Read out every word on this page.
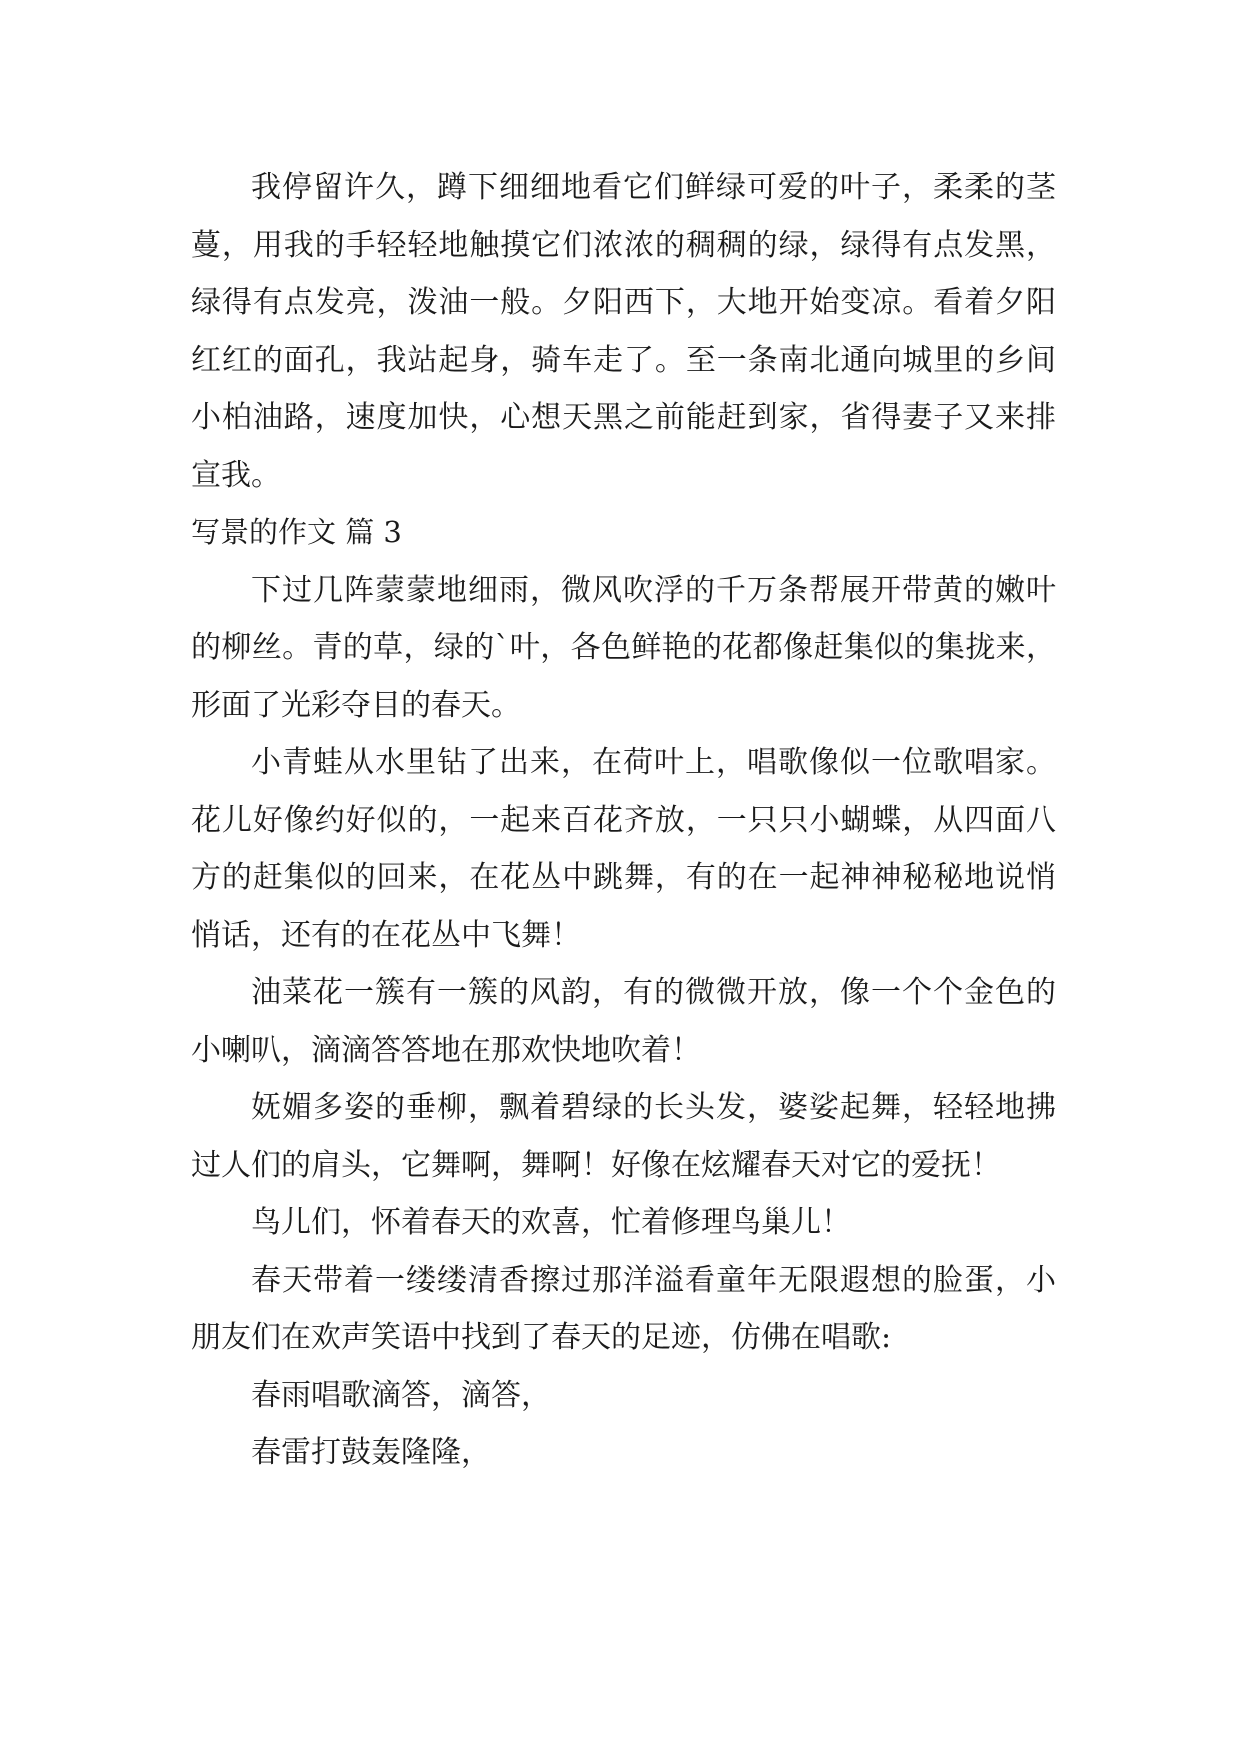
我停留许久，蹲下细细地看它们鲜绿可爱的叶子，柔柔的茎蔓，用我的手轻轻地触摸它们浓浓的稠稠的绿，绿得有点发黑，绿得有点发亮，泼油一般。夕阳西下，大地开始变凉。看着夕阳红红的面孔，我站起身，骑车走了。至一条南北通向城里的乡间小柏油路，速度加快，心想天黑之前能赶到家，省得妻子又来排宣我。

写景的作文 篇 3

下过几阵蒙蒙地细雨，微风吹浮的千万条帮展开带黄的嫩叶的柳丝。青的草，绿的`叶，各色鲜艳的花都像赶集似的集拢来，形面了光彩夺目的春天。

小青蛙从水里钻了出来，在荷叶上，唱歌像似一位歌唱家。花儿好像约好似的，一起来百花齐放，一只只小蝴蝶，从四面八方的赶集似的回来，在花丛中跳舞，有的在一起神神秘秘地说悄悄话，还有的在花丛中飞舞！

油菜花一簇有一簇的风韵，有的微微开放，像一个个金色的小喇叭，滴滴答答地在那欢快地吹着！

妩媚多姿的垂柳，飘着碧绿的长头发，婆娑起舞，轻轻地拂过人们的肩头，它舞啊，舞啊！好像在炫耀春天对它的爱抚！

鸟儿们，怀着春天的欢喜，忙着修理鸟巢儿！

春天带着一缕缕清香擦过那洋溢看童年无限遐想的脸蛋，小朋友们在欢声笑语中找到了春天的足迹，仿佛在唱歌:

春雨唱歌滴答，滴答，

春雷打鼓轰隆隆，
